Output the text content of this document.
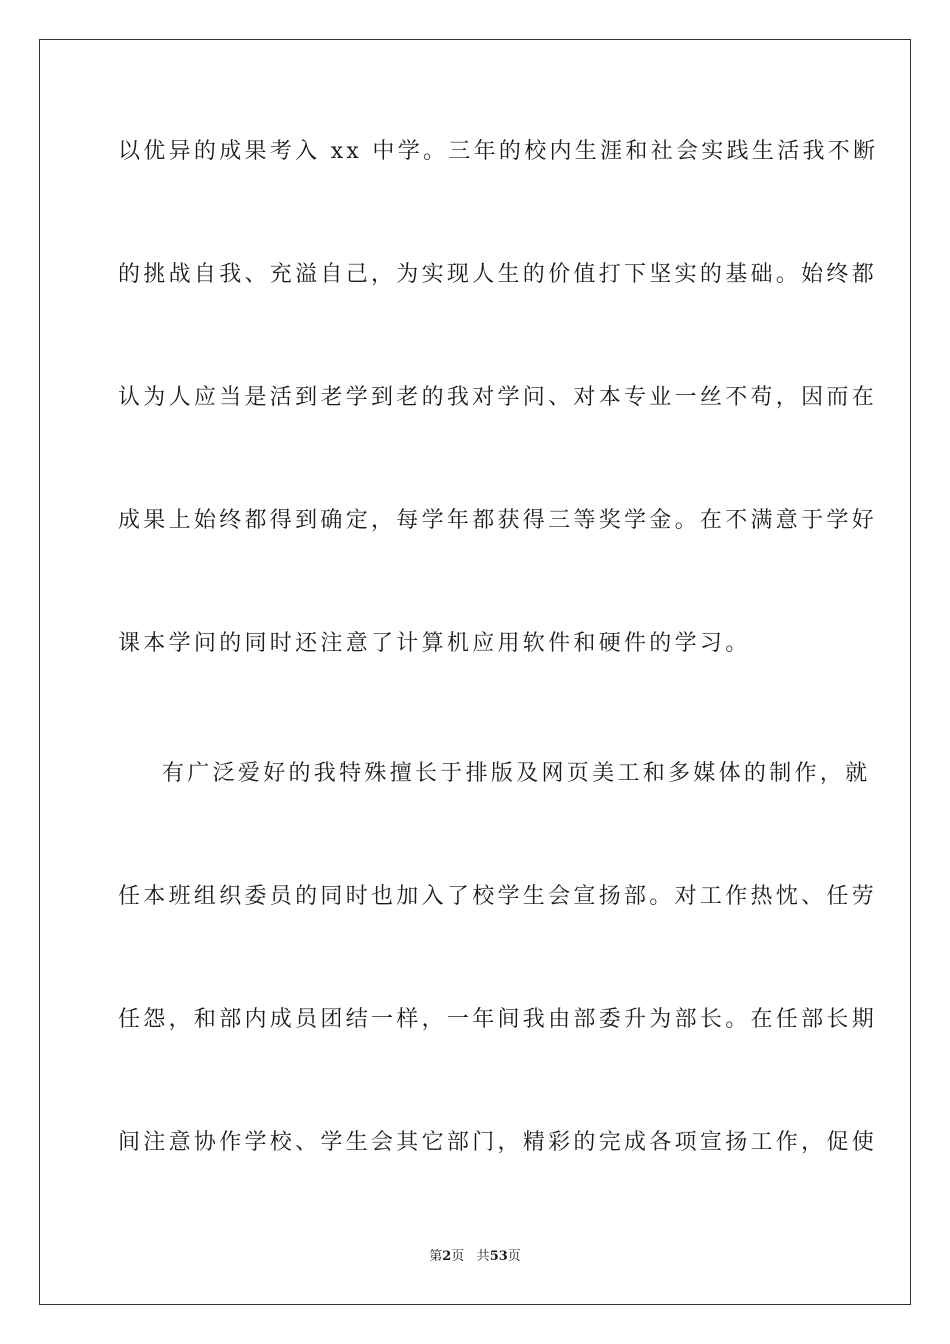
以优异的成果考入 xx 中学。三年的校内生涯和社会实践生活我不断
的挑战自我、充溢自己，为实现人生的价值打下坚实的基础。始终都
认为人应当是活到老学到老的我对学问、对本专业一丝不苟，因而在
成果上始终都得到确定，每学年都获得三等奖学金。在不满意于学好
课本学问的同时还注意了计算机应用软件和硬件的学习。
有广泛爱好的我特殊擅长于排版及网页美工和多媒体的制作，就
任本班组织委员的同时也加入了校学生会宣扬部。对工作热忱、任劳
任怨，和部内成员团结一样，一年间我由部委升为部长。在任部长期
间注意协作学校、学生会其它部门，精彩的完成各项宣扬工作，促使
第2页 共53页
